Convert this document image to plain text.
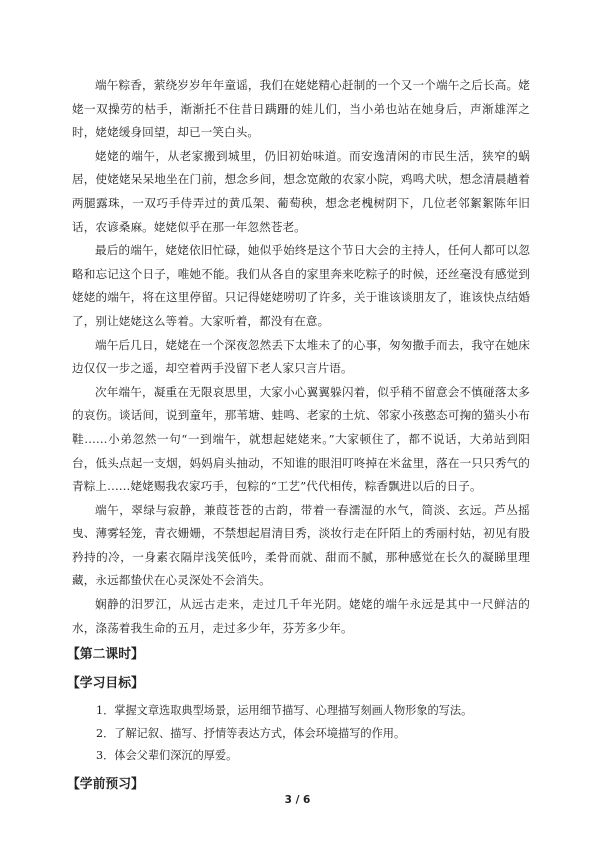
端午粽香，萦绕岁岁年年童谣，我们在姥姥精心赶制的一个又一个端午之后长高。姥姥一双操劳的枯手，渐渐托不住昔日蹒跚的娃儿们，当小弟也站在她身后，声渐雄浑之时，姥姥缓身回望，却已一笑白头。

姥姥的端午，从老家搬到城里，仍旧初始味道。而安逸清闲的市民生活，狭窄的蜗居，使姥姥呆呆地坐在门前，想念乡间，想念宽敞的农家小院，鸡鸣犬吠，想念清晨趟着两腿露珠，一双巧手侍弄过的黄瓜架、葡萄秧，想念老槐树阴下，几位老邻絮絮陈年旧话，农谚桑麻。姥姥似乎在那一年忽然苍老。

最后的端午，姥姥依旧忙碌，她似乎始终是这个节日大会的主持人，任何人都可以忽略和忘记这个日子，唯她不能。我们从各自的家里奔来吃粽子的时候，还丝毫没有感觉到姥姥的端午，将在这里停留。只记得姥姥唠叨了许多，关于谁该谈朋友了，谁该快点结婚了，别让姥姥这么等着。大家听着，都没有在意。

端午后几日，姥姥在一个深夜忽然丢下太堆未了的心事，匆匆撒手而去，我守在她床边仅仅一步之遥，却空着两手没留下老人家只言片语。

次年端午，凝重在无限哀思里，大家小心翼翼躲闪着，似乎稍不留意会不慎碰落太多的哀伤。谈话间，说到童年，那苇塘、蛙鸣、老家的土炕、邻家小孩憨态可掬的猫头小布鞋……小弟忽然一句“一到端午，就想起姥姥来。”大家顿住了，都不说话，大弟站到阳台，低头点起一支烟，妈妈肩头抽动，不知谁的眼泪叮咚掉在米盆里，落在一只只秀气的青粽上……姥姥赐我农家巧手，包粽的“工艺”代代相传，粽香飘进以后的日子。

端午，翠绿与寂静，兼葭苍苍的古韵，带着一春濡湿的水气，简淡、玄远。芦丛摇曳、薄雾轻笼，青衣姗姗，不禁想起眉清目秀，淡妆行走在阡陌上的秀丽村姑，初见有股矜持的冷，一身素衣隔岸浅笑低吟，柔骨而就、甜而不腻，那种感觉在长久的凝睇里理藏，永远都蛰伏在心灵深处不会消失。

娴静的汨罗江，从远古走来，走过几千年光阴。姥姥的端午永远是其中一尺鲜洁的水，涤荡着我生命的五月，走过多少年，芬芳多少年。

【第二课时】

【学习目标】

1．掌握文章选取典型场景，运用细节描写、心理描写刻画人物形象的写法。
2．了解记叙、描写、抒情等表达方式，体会环境描写的作用。
3．体会父辈们深沉的厚爱。

【学前预习】

3 / 6
